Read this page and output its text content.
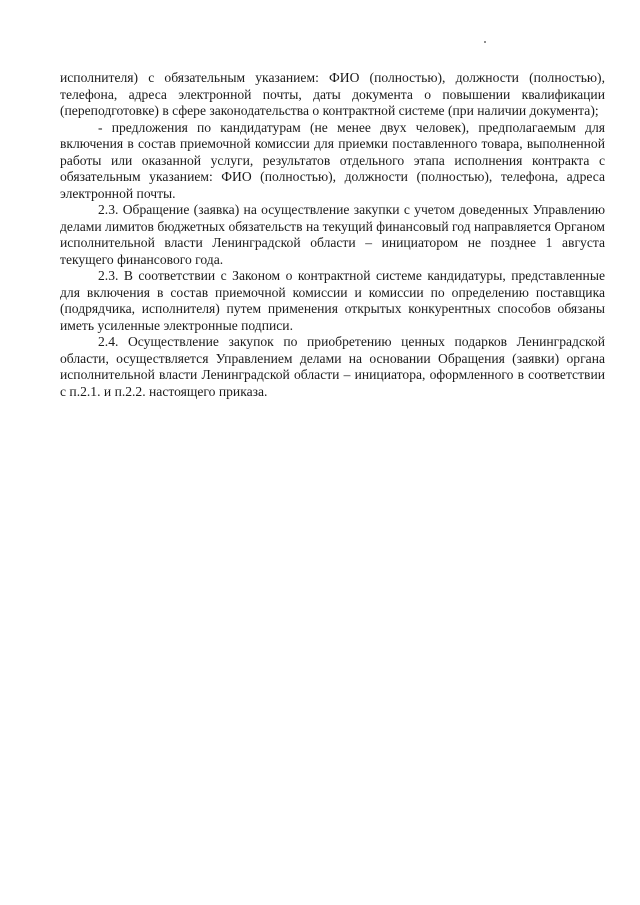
исполнителя) с обязательным указанием: ФИО (полностью), должности (полностью), телефона, адреса электронной почты, даты документа о повышении квалификации (переподготовке) в сфере законодательства о контрактной системе (при наличии документа);

- предложения по кандидатурам (не менее двух человек), предполагаемым для включения в состав приемочной комиссии для приемки поставленного товара, выполненной работы или оказанной услуги, результатов отдельного этапа исполнения контракта с обязательным указанием: ФИО (полностью), должности (полностью), телефона, адреса электронной почты.

2.3. Обращение (заявка) на осуществление закупки с учетом доведенных Управлению делами лимитов бюджетных обязательств на текущий финансовый год направляется Органом исполнительной власти Ленинградской области – инициатором не позднее 1 августа текущего финансового года.

2.3. В соответствии с Законом о контрактной системе кандидатуры, представленные для включения в состав приемочной комиссии и комиссии по определению поставщика (подрядчика, исполнителя) путем применения открытых конкурентных способов обязаны иметь усиленные электронные подписи.

2.4. Осуществление закупок по приобретению ценных подарков Ленинградской области, осуществляется Управлением делами на основании Обращения (заявки) органа исполнительной власти Ленинградской области – инициатора, оформленного в соответствии с п.2.1. и п.2.2. настоящего приказа.
